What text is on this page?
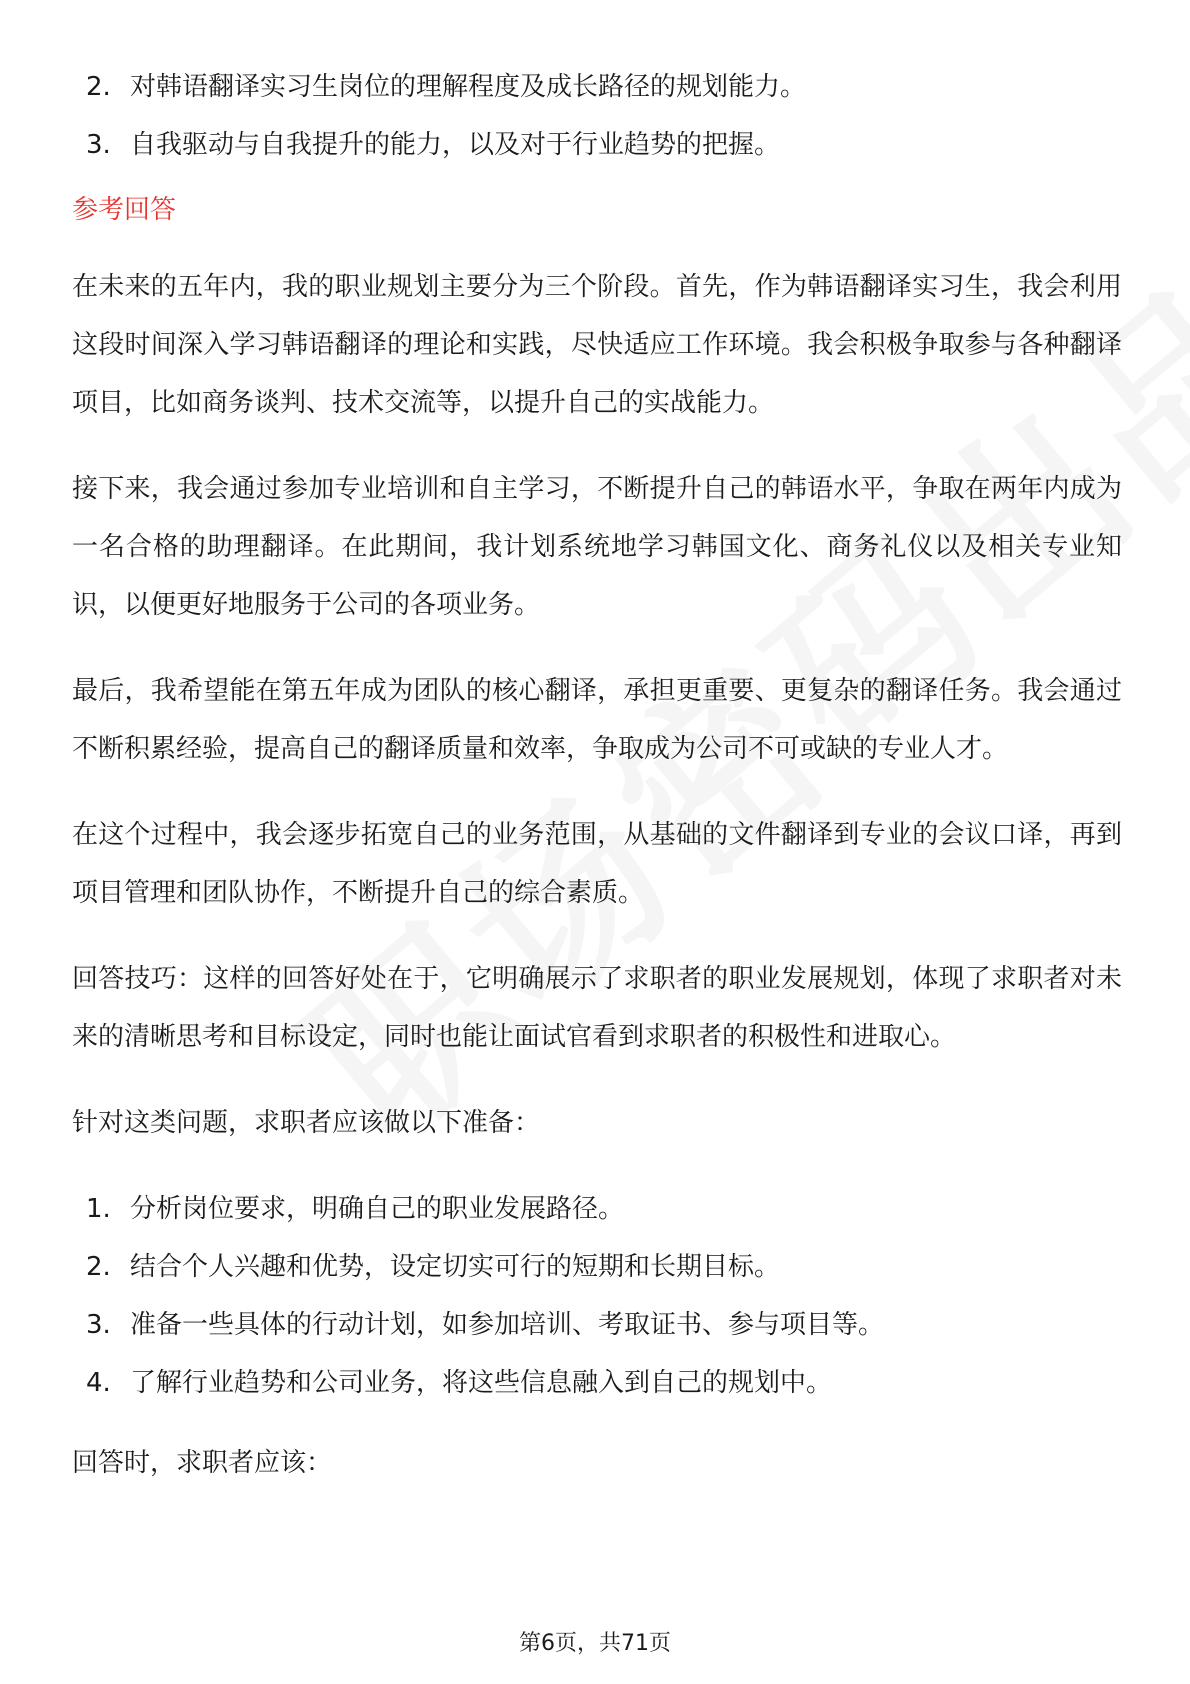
2. 对韩语翻译实习生岗位的理解程度及成长路径的规划能力。
3. 自我驱动与自我提升的能力，以及对于行业趋势的把握。
参考回答

在未来的五年内，我的职业规划主要分为三个阶段。首先，作为韩语翻译实习生，我会利用这段时间深入学习韩语翻译的理论和实践，尽快适应工作环境。我会积极争取参与各种翻译项目，比如商务谈判、技术交流等，以提升自己的实战能力。

接下来，我会通过参加专业培训和自主学习，不断提升自己的韩语水平，争取在两年内成为一名合格的助理翻译。在此期间，我计划系统地学习韩国文化、商务礼仪以及相关专业知识，以便更好地服务于公司的各项业务。

最后，我希望能在第五年成为团队的核心翻译，承担更重要、更复杂的翻译任务。我会通过不断积累经验，提高自己的翻译质量和效率，争取成为公司不可或缺的专业人才。

在这个过程中，我会逐步拓宽自己的业务范围，从基础的文件翻译到专业的会议口译，再到项目管理和团队协作，不断提升自己的综合素质。

回答技巧：这样的回答好处在于，它明确展示了求职者的职业发展规划，体现了求职者对未来的清晰思考和目标设定，同时也能让面试官看到求职者的积极性和进取心。

针对这类问题，求职者应该做以下准备：

1. 分析岗位要求，明确自己的职业发展路径。
2. 结合个人兴趣和优势，设定切实可行的短期和长期目标。
3. 准备一些具体的行动计划，如参加培训、考取证书、参与项目等。
4. 了解行业趋势和公司业务，将这些信息融入到自己的规划中。

回答时，求职者应该：

第6页，共71页
